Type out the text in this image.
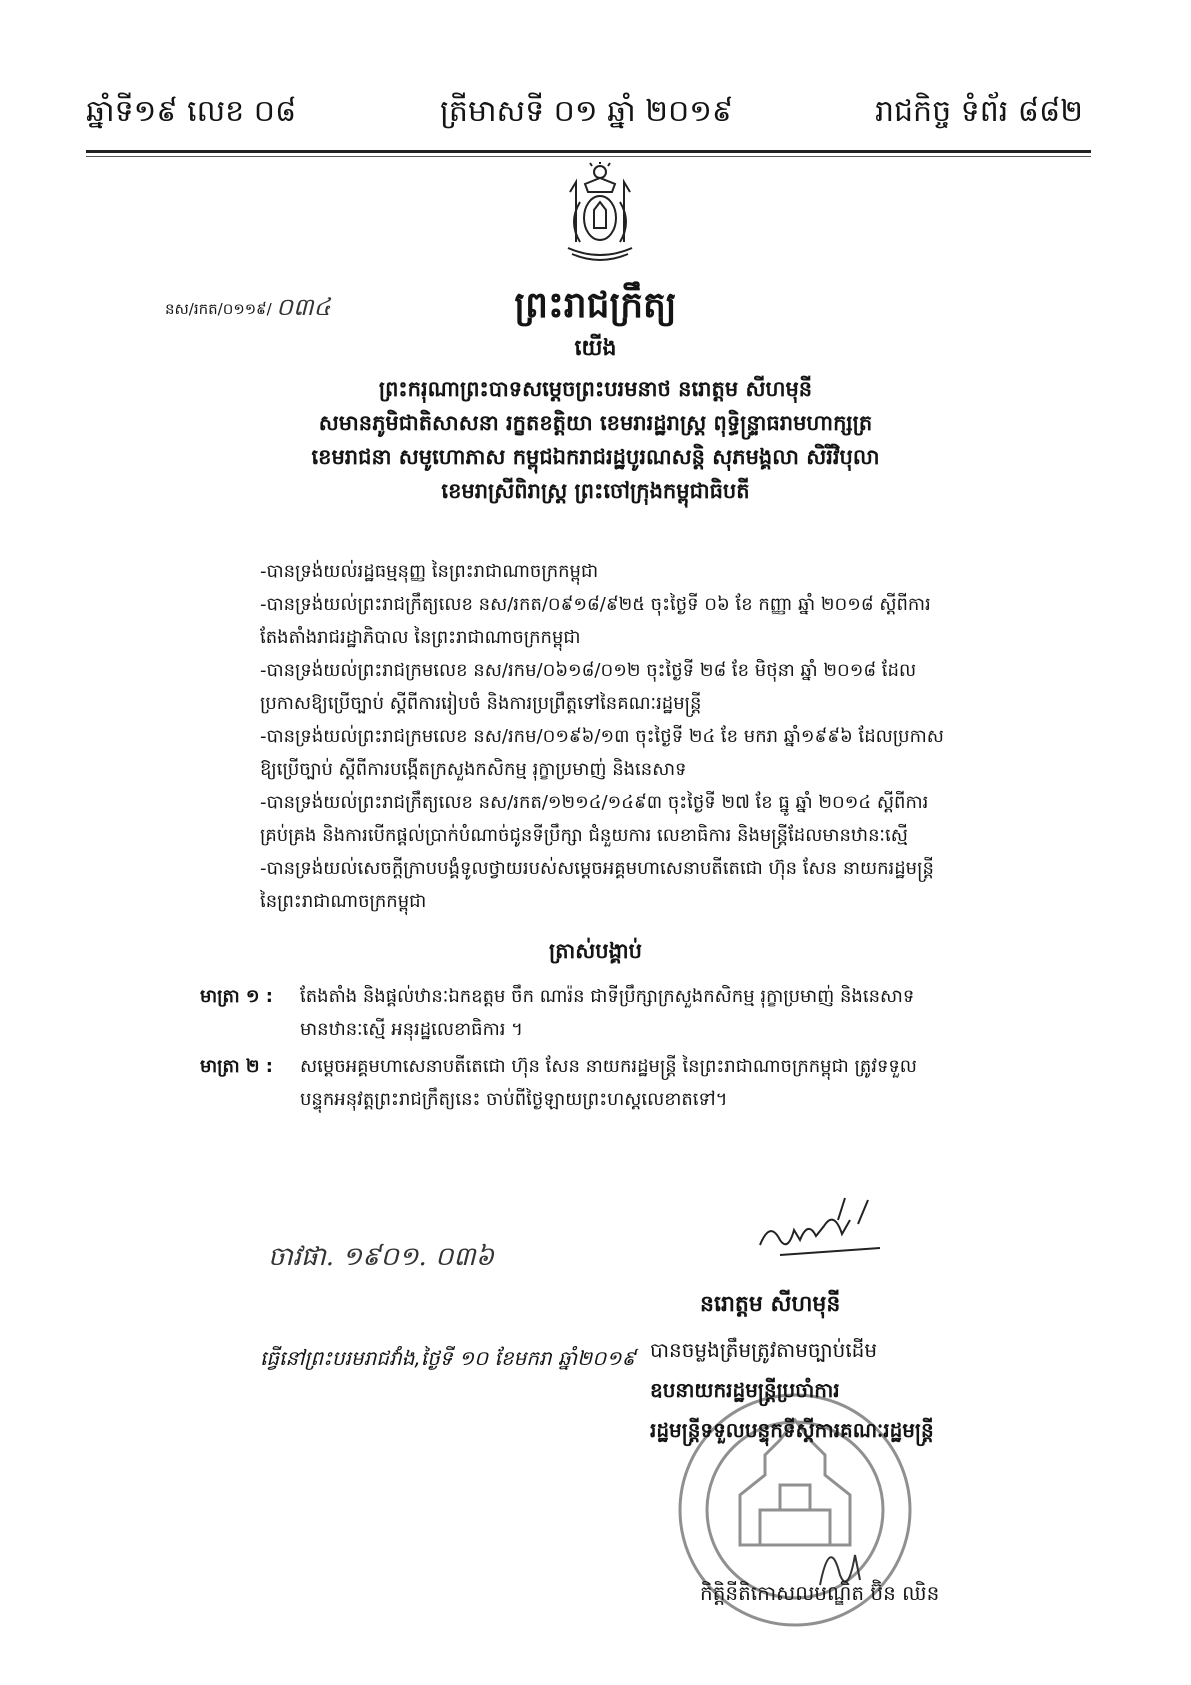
ឆ្នាំទី១៩ លេខ ០៨	ត្រីមាសទី ០១ ឆ្នាំ ២០១៩	រាជកិច្ច ទំព័រ ៨៨២
ព្រះរាជក្រឹត្យ
នស/រកត/០១១៩/ ០៣៤
យើង
ព្រះករុណាព្រះបាទសម្តេចព្រះបរមនាថ នរោត្តម សីហមុនី
សមានភូមិជាតិសាសនា រក្ខតខត្តិយា ខេមរារដ្ឋរាស្ត្រ ពុទ្ធិន្ទ្រាធរាមហាក្សត្រ
ខេមរាជនា សមូហោភាស កម្ពុជឯករាជរដ្ឋបូរណសន្តិ សុភមង្គលា សិរីវិបុលា
ខេមរាស្រីពិរាស្ត្រ ព្រះចៅក្រុងកម្ពុជាធិបតី
-បានទ្រង់យល់រដ្ឋធម្មនុញ្ញ នៃព្រះរាជាណាចក្រកម្ពុជា
-បានទ្រង់យល់ព្រះរាជក្រឹត្យលេខ នស/រកត/០៩១៨/៩២៥ ចុះថ្ងៃទី ០៦ ខែ កញ្ញា ឆ្នាំ ២០១៨ ស្តីពីការ
តែងតាំងរាជរដ្ឋាភិបាល នៃព្រះរាជាណាចក្រកម្ពុជា
-បានទ្រង់យល់ព្រះរាជក្រមលេខ នស/រកម/០៦១៨/០១២ ចុះថ្ងៃទី ២៨ ខែ មិថុនា ឆ្នាំ ២០១៨ ដែល
ប្រកាសឱ្យប្រើច្បាប់ ស្តីពីការរៀបចំ និងការប្រព្រឹត្តទៅនៃគណៈរដ្ឋមន្ត្រី
-បានទ្រង់យល់ព្រះរាជក្រមលេខ នស/រកម/០១៩៦/១៣ ចុះថ្ងៃទី ២៤ ខែ មករា ឆ្នាំ១៩៩៦ ដែលប្រកាស
ឱ្យប្រើច្បាប់ ស្តីពីការបង្កើតក្រសួងកសិកម្ម រុក្ខាប្រមាញ់ និងនេសាទ
-បានទ្រង់យល់ព្រះរាជក្រឹត្យលេខ នស/រកត/១២១៤/១៤៩៣ ចុះថ្ងៃទី ២៧ ខែ ធ្នូ ឆ្នាំ ២០១៤ ស្តីពីការ
គ្រប់គ្រង និងការបើកផ្តល់ប្រាក់បំណាច់ជូនទីប្រឹក្សា ជំនួយការ លេខាធិការ និងមន្ត្រីដែលមានឋានៈស្មើ
-បានទ្រង់យល់សេចក្តីក្រាបបង្គំទូលថ្វាយរបស់សម្តេចអគ្គមហាសេនាបតីតេជោ ហ៊ុន សែន នាយករដ្ឋមន្ត្រី
នៃព្រះរាជាណាចក្រកម្ពុជា
ត្រាស់បង្គាប់
មាត្រា ១ : តែងតាំង និងផ្តល់ឋានៈឯកឧត្តម ចឹក ណារ៉ន ជាទីប្រឹក្សាក្រសួងកសិកម្ម រុក្ខាប្រមាញ់ និងនេសាទ
មានឋានៈស្មើ អនុរដ្ឋលេខាធិការ ។
មាត្រា ២ : សម្តេចអគ្គមហាសេនាបតីតេជោ ហ៊ុន សែន នាយករដ្ឋមន្ត្រី នៃព្រះរាជាណាចក្រកម្ពុជា ត្រូវទទួល
បន្ទុកអនុវត្តព្រះរាជក្រឹត្យនេះ ចាប់ពីថ្ងៃឡាយព្រះហស្តលេខាតទៅ។
ចាវផា. ១៩០១. ០៣៦
នរោត្តម សីហមុនី
ធ្វើនៅព្រះបរមរាជវាំង,ថ្ងៃទី ១០ ខែមករា ឆ្នាំ២០១៩ បានចម្លងត្រឹមត្រូវតាមច្បាប់ដើម
ឧបនាយករដ្ឋមន្ត្រីប្រចាំការ
រដ្ឋមន្ត្រីទទួលបន្ទុកទីស្តីការគណៈរដ្ឋមន្ត្រី
កិត្តិនីតិកោសលបណ្ឌិត ប៊ិន ឈិន
